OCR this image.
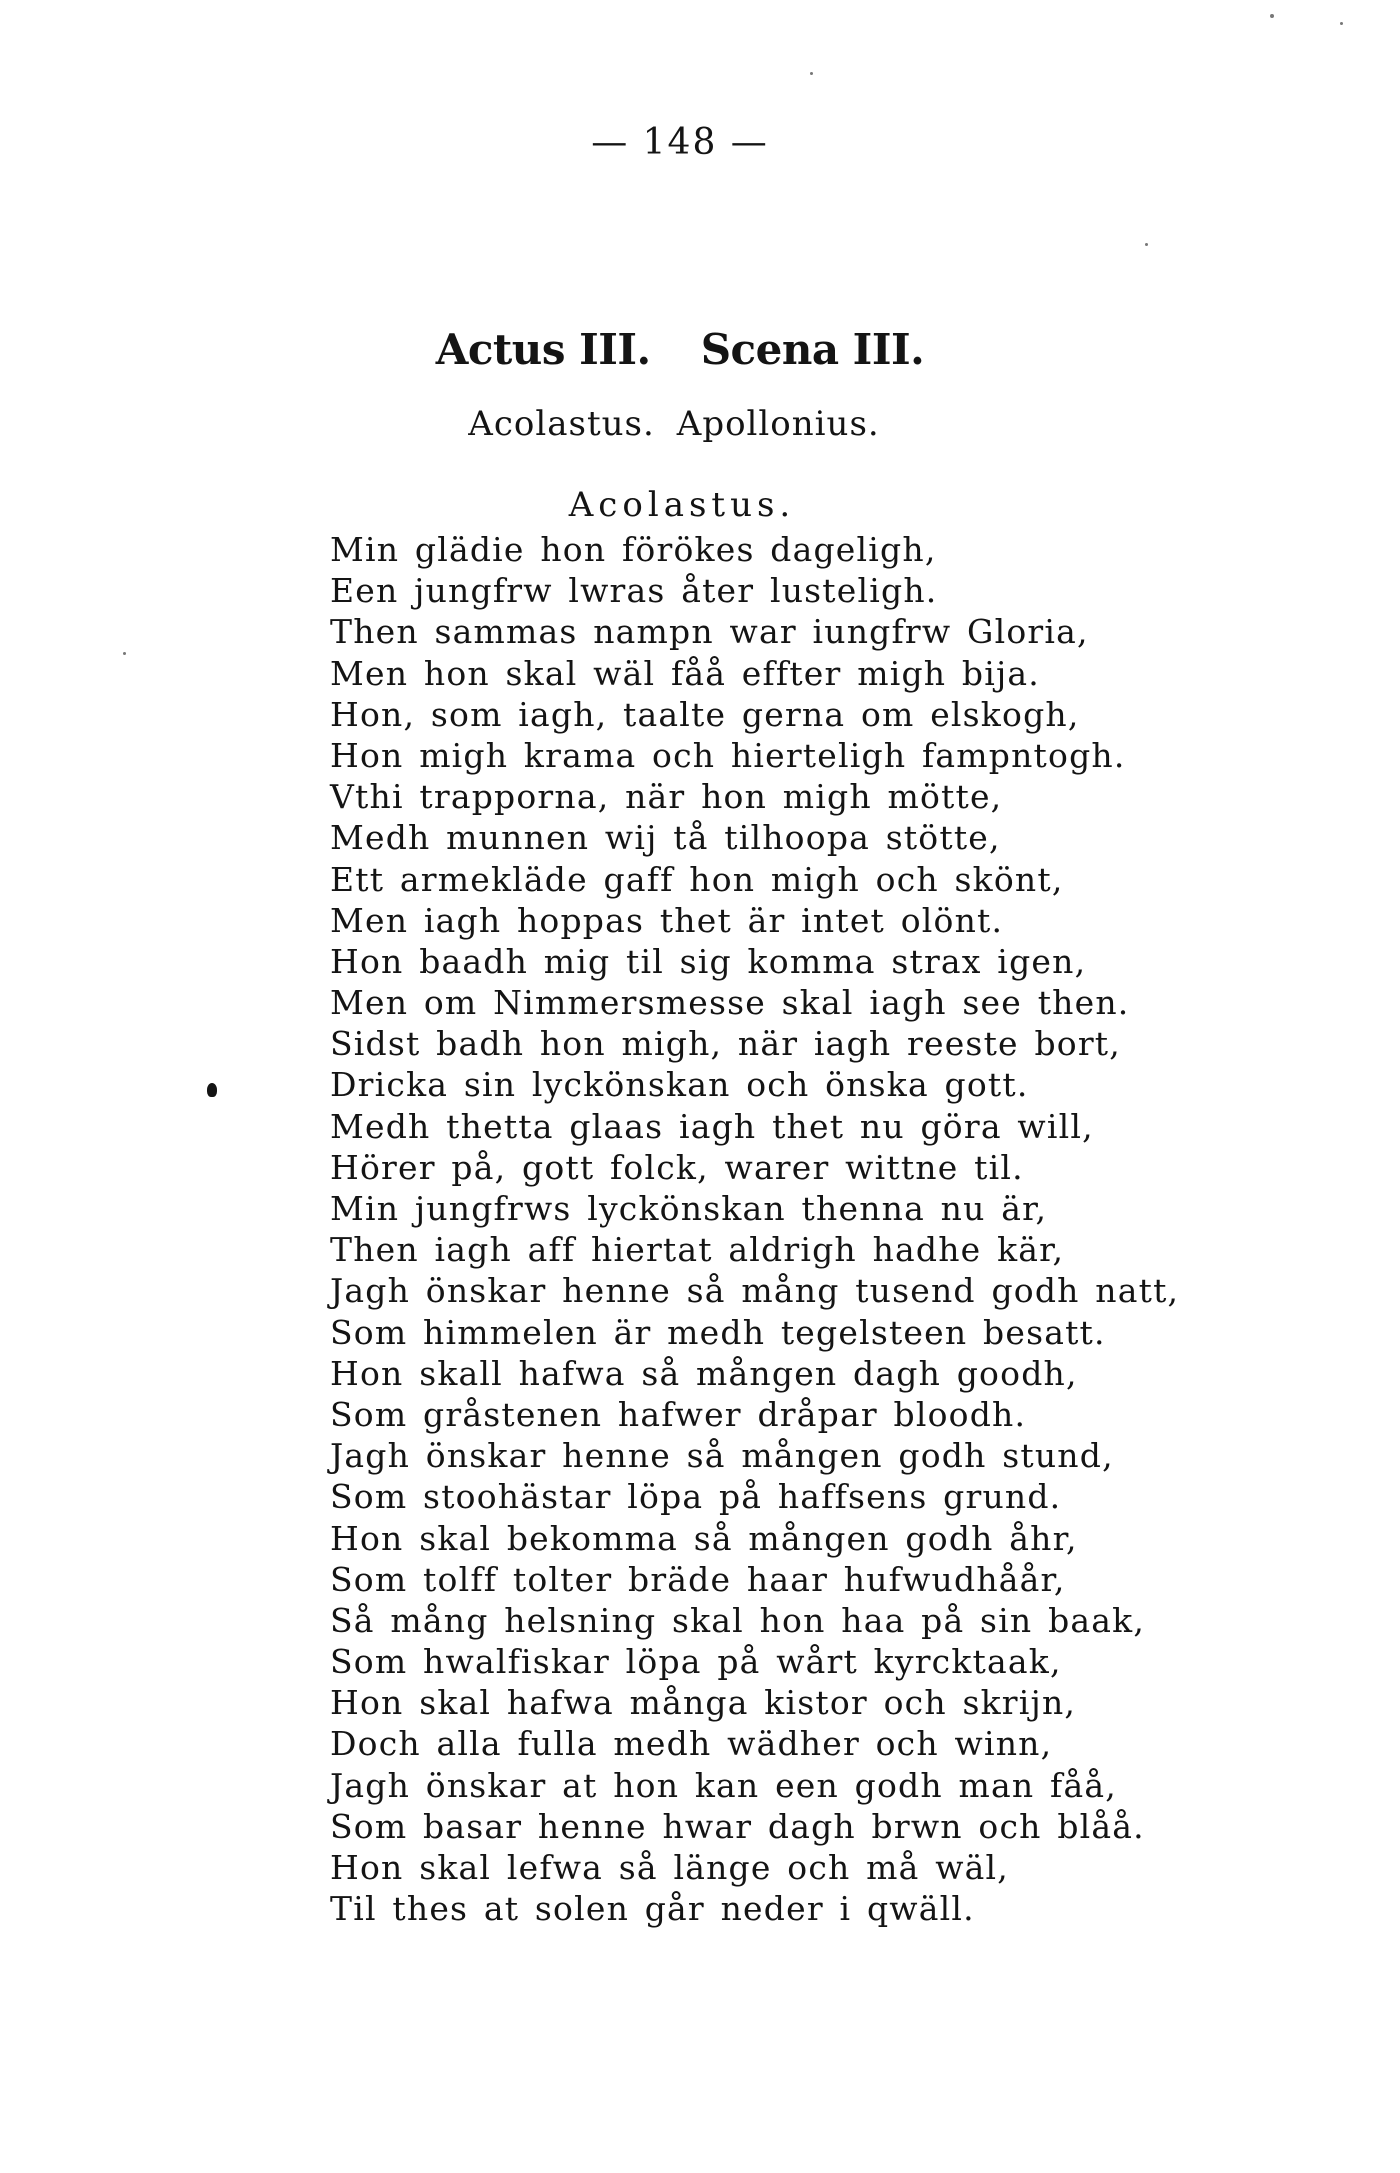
— 148 —
Actus III. Scena III.
Acolastus. Apollonius.
Acolastus.
Min glädie hon förökes dageligh,
Een jungfrw lwras åter lusteligh.
Then sammas nampn war iungfrw Gloria,
Men hon skal wäl fåå effter migh bija.
Hon, som iagh, taalte gerna om elskogh,
Hon migh krama och hierteligh fampntogh.
Vthi trapporna, när hon migh mötte,
Medh munnen wij tå tilhoopa stötte,
Ett armekläde gaff hon migh och skönt,
Men iagh hoppas thet är intet olönt.
Hon baadh mig til sig komma strax igen,
Men om Nimmersmesse skal iagh see then.
Sidst badh hon migh, när iagh reeste bort,
Dricka sin lyckönskan och önska gott.
Medh thetta glaas iagh thet nu göra will,
Hörer på, gott folck, warer wittne til.
Min jungfrws lyckönskan thenna nu är,
Then iagh aff hiertat aldrigh hadhe kär,
Jagh önskar henne så mång tusend godh natt,
Som himmelen är medh tegelsteen besatt.
Hon skall hafwa så mången dagh goodh,
Som gråstenen hafwer dråpar bloodh.
Jagh önskar henne så mången godh stund,
Som stoohästar löpa på haffsens grund.
Hon skal bekomma så mången godh åhr,
Som tolff tolter bräde haar hufwudhåår,
Så mång helsning skal hon haa på sin baak,
Som hwalfiskar löpa på wårt kyrcktaak,
Hon skal hafwa många kistor och skrijn,
Doch alla fulla medh wädher och winn,
Jagh önskar at hon kan een godh man fåå,
Som basar henne hwar dagh brwn och blåå.
Hon skal lefwa så länge och må wäl,
Til thes at solen går neder i qwäll.
